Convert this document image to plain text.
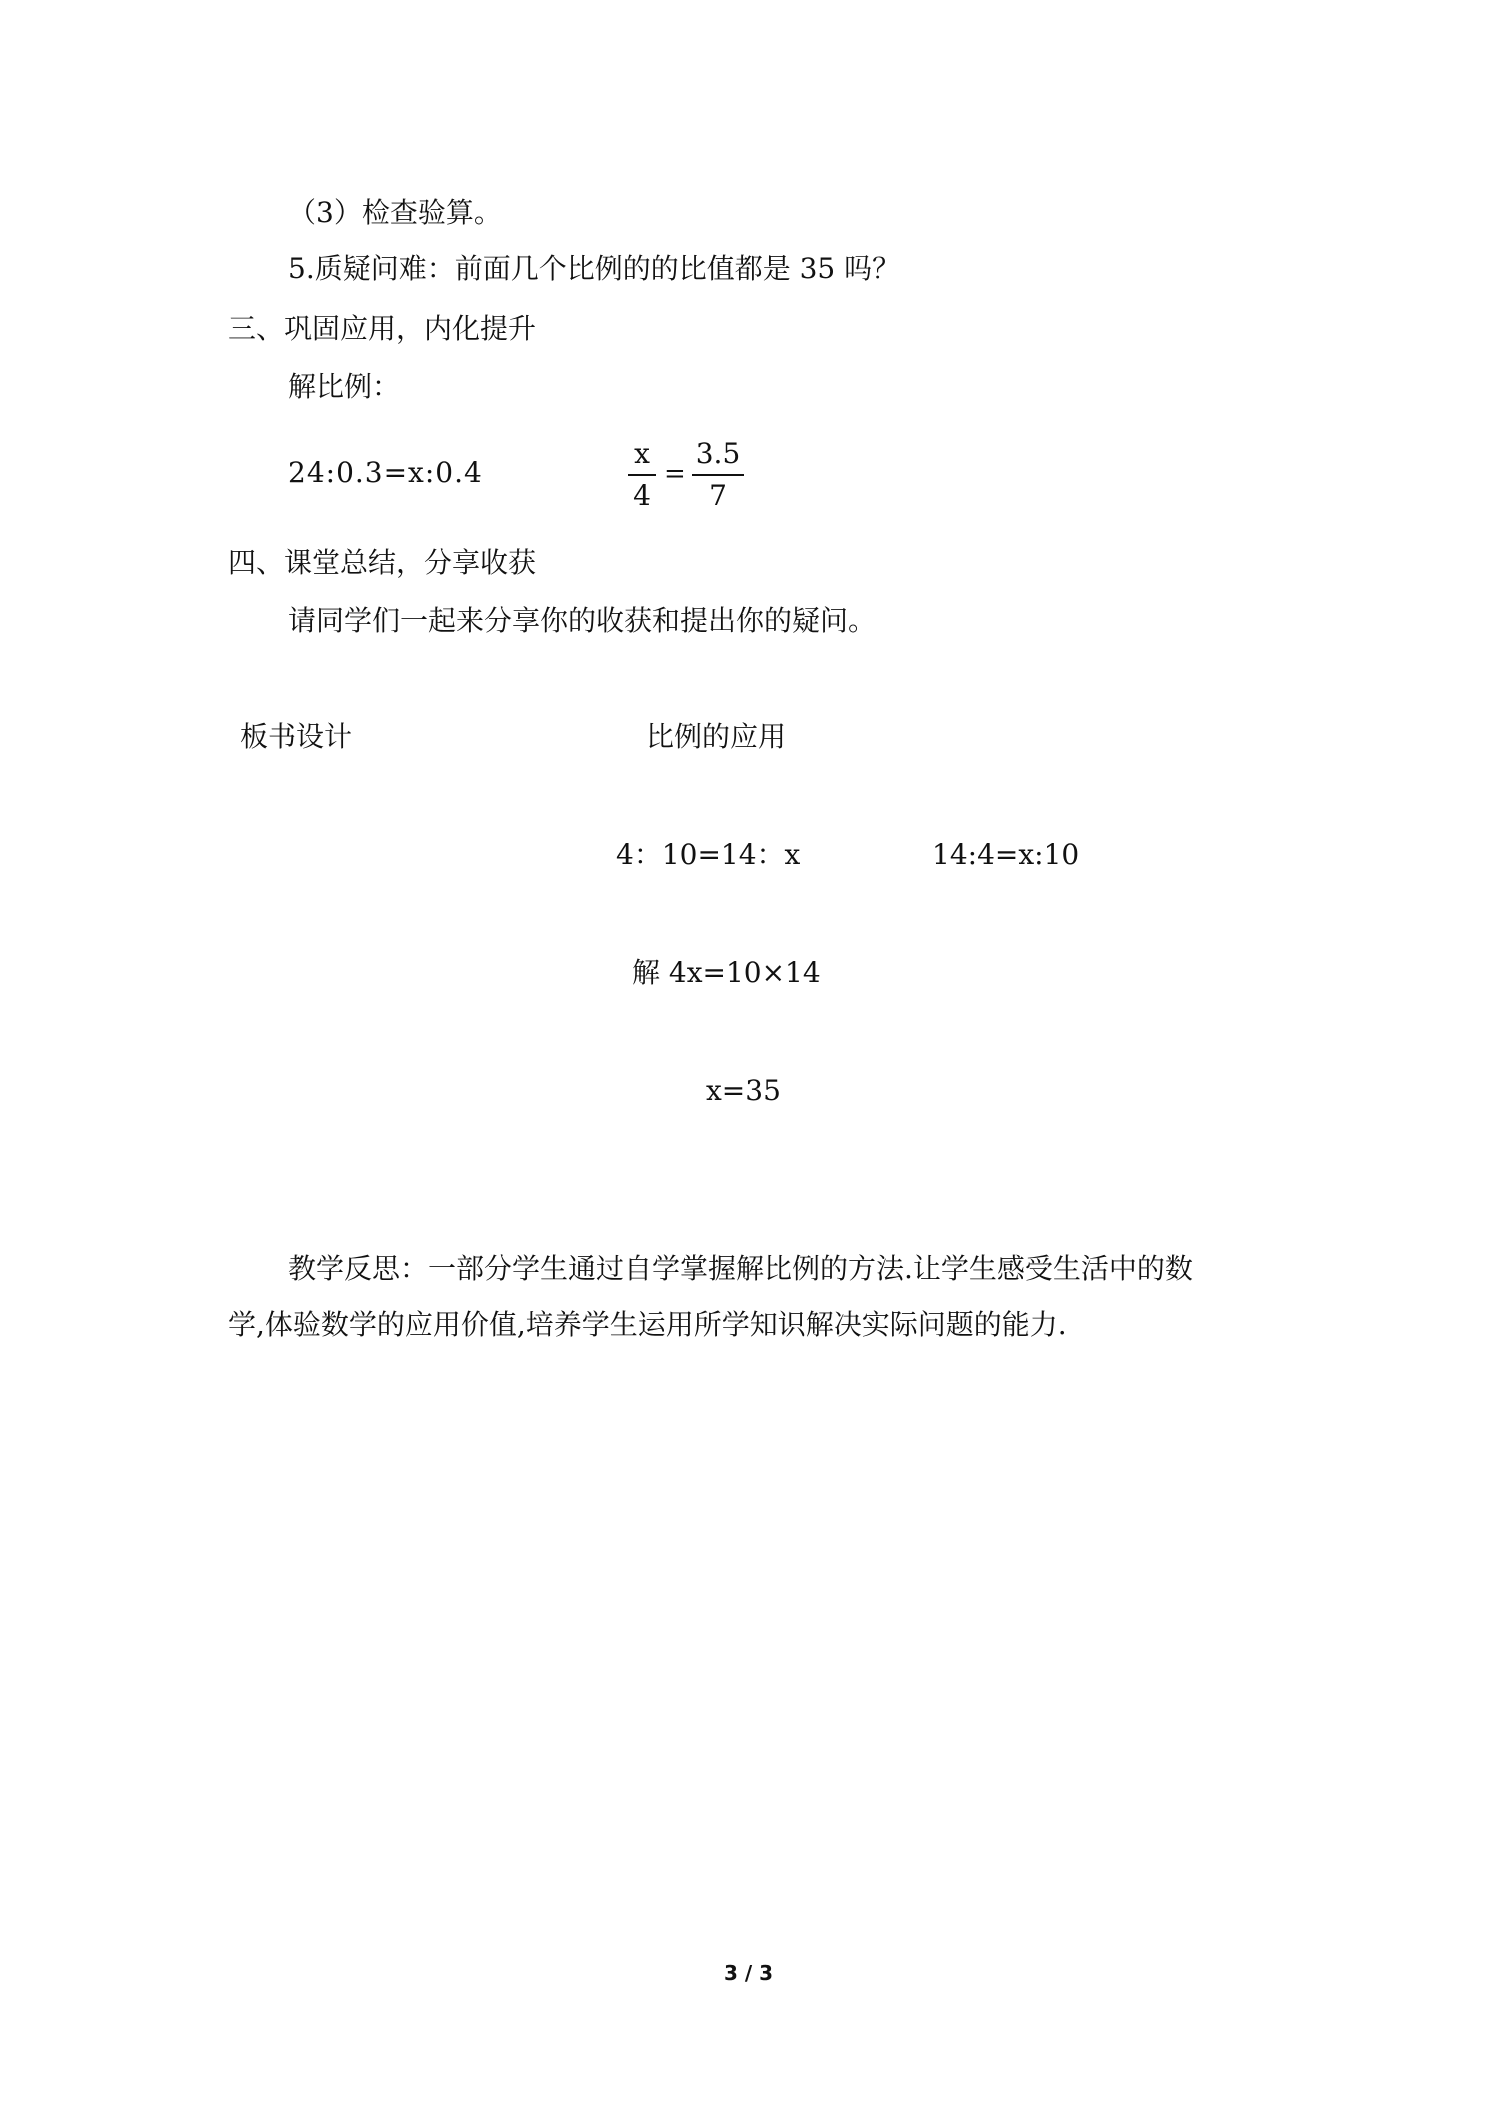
（3）检查验算。
5.质疑问难：前面几个比例的的比值都是 35 吗？
三、巩固应用，内化提升
解比例：
24:0.3=x:0.4
x
4
=
3.5
7
四、课堂总结，分享收获
请同学们一起来分享你的收获和提出你的疑问。
板书设计	比例的应用
4：10=14：x	14:4=x:10
解 4x=10×14
x=35
教学反思：一部分学生通过自学掌握解比例的方法.让学生感受生活中的数
学,体验数学的应用价值,培养学生运用所学知识解决实际问题的能力.
3 / 3
